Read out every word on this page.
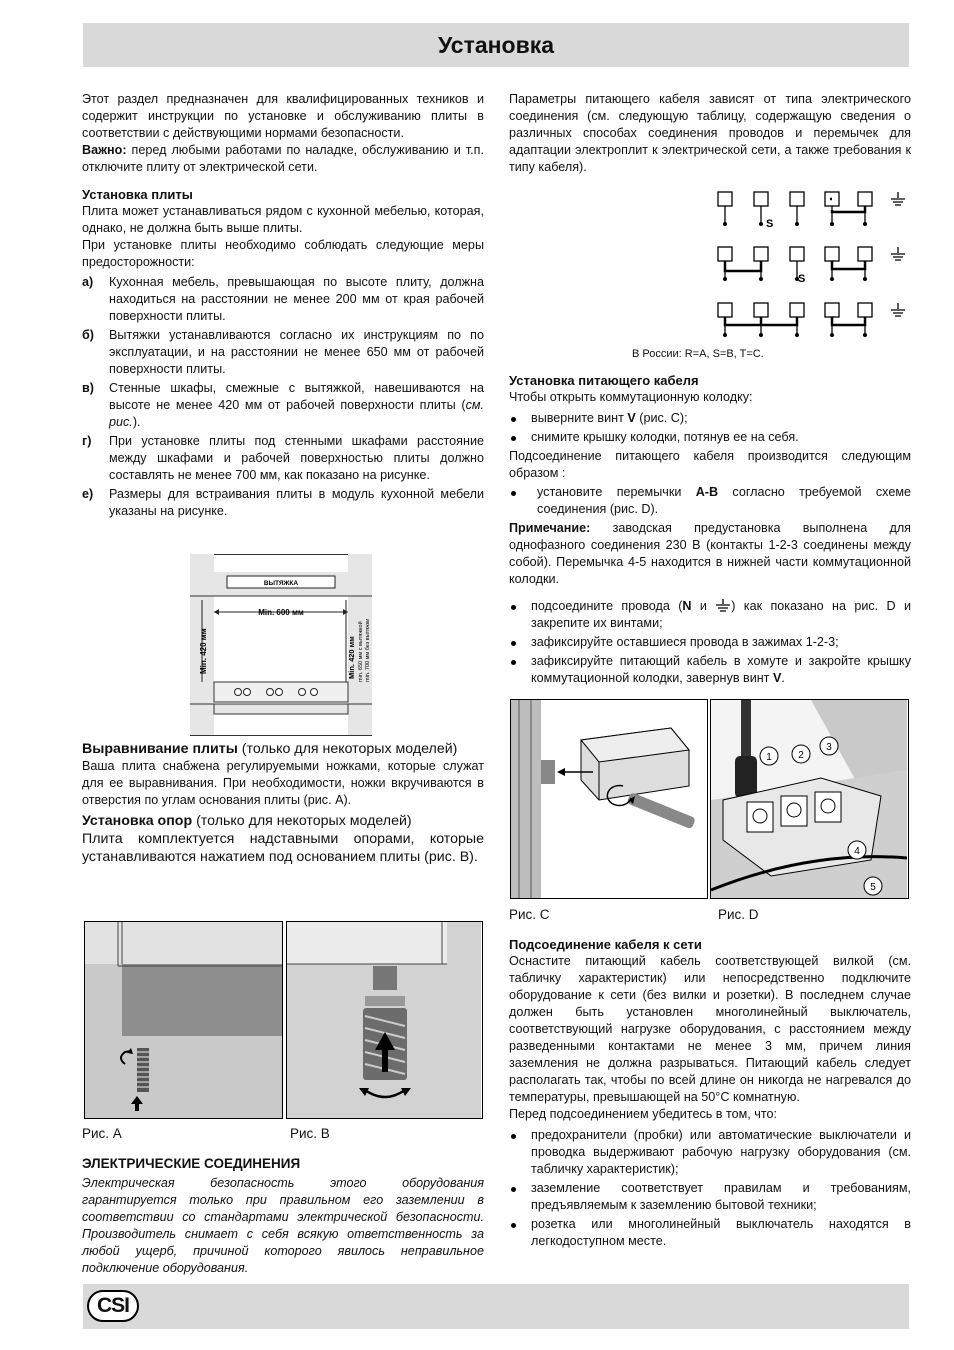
Установка

Этот раздел предназначен для квалифицированных техников и содержит инструкции по установке и обслуживанию плиты в соответствии с действующими нормами безопасности.

Важно: перед любыми работами по наладке, обслуживанию и т.п. отключите плиту от электрической сети.

Установка плиты

Плита может устанавливаться рядом с кухонной мебелью, которая, однако, не должна быть выше плиты.

При установке плиты необходимо соблюдать следующие меры предосторожности:

а) Кухонная мебель, превышающая по высоте плиту, должна находиться на расстоянии не менее 200 мм от края рабочей поверхности плиты.
б) Вытяжки устанавливаются согласно их инструкциям по по эксплуатации, и на расстоянии не менее 650 мм от рабочей поверхности плиты.
в) Стенные шкафы, смежные с вытяжкой, навешиваются на высоте не менее 420 мм от рабочей поверхности плиты (см. рис.).
г) При установке плиты под стенными шкафами расстояние между шкафами и рабочей поверхностью плиты должно составлять не менее 700 мм, как показано на рисунке.
е) Размеры для встраивания плиты в модуль кухонной мебели указаны на рисунке.
ВЫТЯЖКА
Min. 600 мм
Min. 420 мм	Min. 420 мм min. 650 мм с вытяжкой min. 700 мм без вытяжки
Выравнивание плиты (только для некоторых моделей)

Ваша плита снабжена регулируемыми ножками, которые служат для ее выравнивания. При необходимости, ножки вкручиваются в отверстия по углам основания плиты (рис. А).

Установка опор (только для некоторых моделей)

Плита комплектуется надставными опорами, которые устанавливаются нажатием под основанием плиты (рис. В).

Рис. А	Рис. В
ЭЛЕКТРИЧЕСКИЕ СОЕДИНЕНИЯ

Электрическая безопасность этого оборудования гарантируется только при правильном его заземлении в соответствии со стандартами электрической безопасности. Производитель снимает с себя всякую ответственность за любой ущерб, причиной которого явилось неправильное подключение оборудования.

Параметры питающего кабеля зависят от типа электрического соединения (см. следующую таблицу, содержащую сведения о различных способах соединения проводов и перемычек для адаптации электроплит к электрической сети, а также требования к типу кабеля).

S
S
В России: R=A, S=B, T=C.
Установка питающего кабеля

Чтобы открыть коммутационную колодку:

выверните винт V (рис. С);
снимите крышку колодки, потянув ее на себя.

Подсоединение питающего кабеля производится следующим образом :

установите перемычки A-B согласно требуемой схеме соединения (рис. D).

Примечание: заводская предустановка выполнена для однофазного соединения 230 В (контакты 1-2-3 соединены между собой). Перемычка 4-5 находится в нижней части коммутационной колодки.

подсоедините провода (N и ) как показано на рис. D и закрепите их винтами;
зафиксируйте оставшиеся провода в зажимах 1-2-3;
зафиксируйте питающий кабель в хомуте и закройте крышку коммутационной колодки, завернув винт V.
1	2
3
4
5
Рис. С	Рис. D
Подсоединение кабеля к сети

Оснастите питающий кабель соответствующей вилкой (см. табличку характеристик) или непосредственно подключите оборудование к сети (без вилки и розетки). В последнем случае должен быть установлен многолинейный выключатель, соответствующий нагрузке оборудования, с расстоянием между разведенными контактами не менее 3 мм, причем линия заземления не должна разрываться. Питающий кабель следует располагать так, чтобы по всей длине он никогда не нагревался до температуры, превышающей на 50°С комнатную.

Перед подсоединением убедитесь в том, что:

предохранители (пробки) или автоматические выключатели и проводка выдерживают рабочую нагрузку оборудования (см. табличку характеристик);
заземление соответствует правилам и требованиям, предъявляемым к заземлению бытовой техники;
розетка или многолинейный выключатель находятся в легкодоступном месте.
CSI
